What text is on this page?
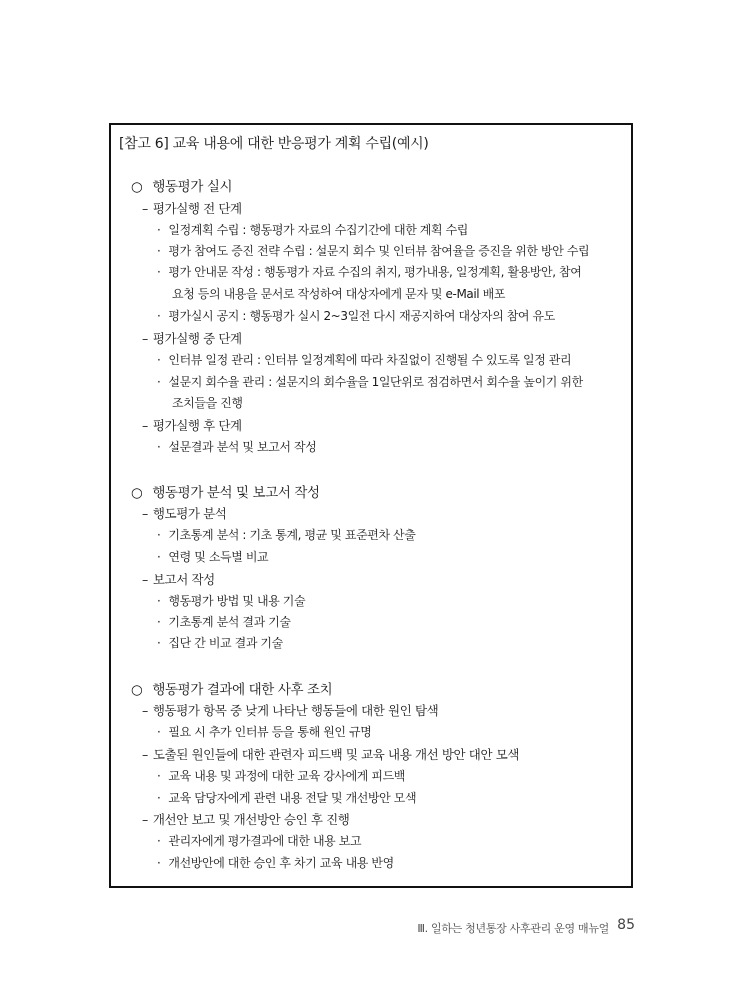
[참고 6] 교육 내용에 대한 반응평가 계획 수립(예시)
○ 행동평가 실시
– 평가실행 전 단계
· 일정계획 수립 : 행동평가 자료의 수집기간에 대한 계획 수립
· 평가 참여도 증진 전략 수립 : 설문지 회수 및 인터뷰 참여율을 증진을 위한 방안 수립
· 평가 안내문 작성 : 행동평가 자료 수집의 취지, 평가내용, 일정계획, 활용방안, 참여
요청 등의 내용을 문서로 작성하여 대상자에게 문자 및 e-Mail 배포
· 평가실시 공지 : 행동평가 실시 2~3일전 다시 재공지하여 대상자의 참여 유도
– 평가실행 중 단계
· 인터뷰 일정 관리 : 인터뷰 일정계획에 따라 차질없이 진행될 수 있도록 일정 관리
· 설문지 회수율 관리 : 설문지의 회수율을 1일단위로 점검하면서 회수율 높이기 위한
조치들을 진행
– 평가실행 후 단계
· 설문결과 분석 및 보고서 작성
○ 행동평가 분석 및 보고서 작성
– 행도평가 분석
· 기초통계 분석 : 기초 통계, 평균 및 표준편차 산출
· 연령 및 소득별 비교
– 보고서 작성
· 행동평가 방법 및 내용 기술
· 기초통계 분석 결과 기술
· 집단 간 비교 결과 기술
○ 행동평가 결과에 대한 사후 조치
– 행동평가 항목 중 낮게 나타난 행동들에 대한 원인 탐색
· 필요 시 추가 인터뷰 등을 통해 원인 규명
– 도출된 원인들에 대한 관련자 피드백 및 교육 내용 개선 방안 대안 모색
· 교육 내용 및 과정에 대한 교육 강사에게 피드백
· 교육 담당자에게 관련 내용 전달 및 개선방안 모색
– 개선안 보고 및 개선방안 승인 후 진행
· 관리자에게 평가결과에 대한 내용 보고
· 개선방안에 대한 승인 후 차기 교육 내용 반영
Ⅲ. 일하는 청년통장 사후관리 운영 매뉴얼 85
